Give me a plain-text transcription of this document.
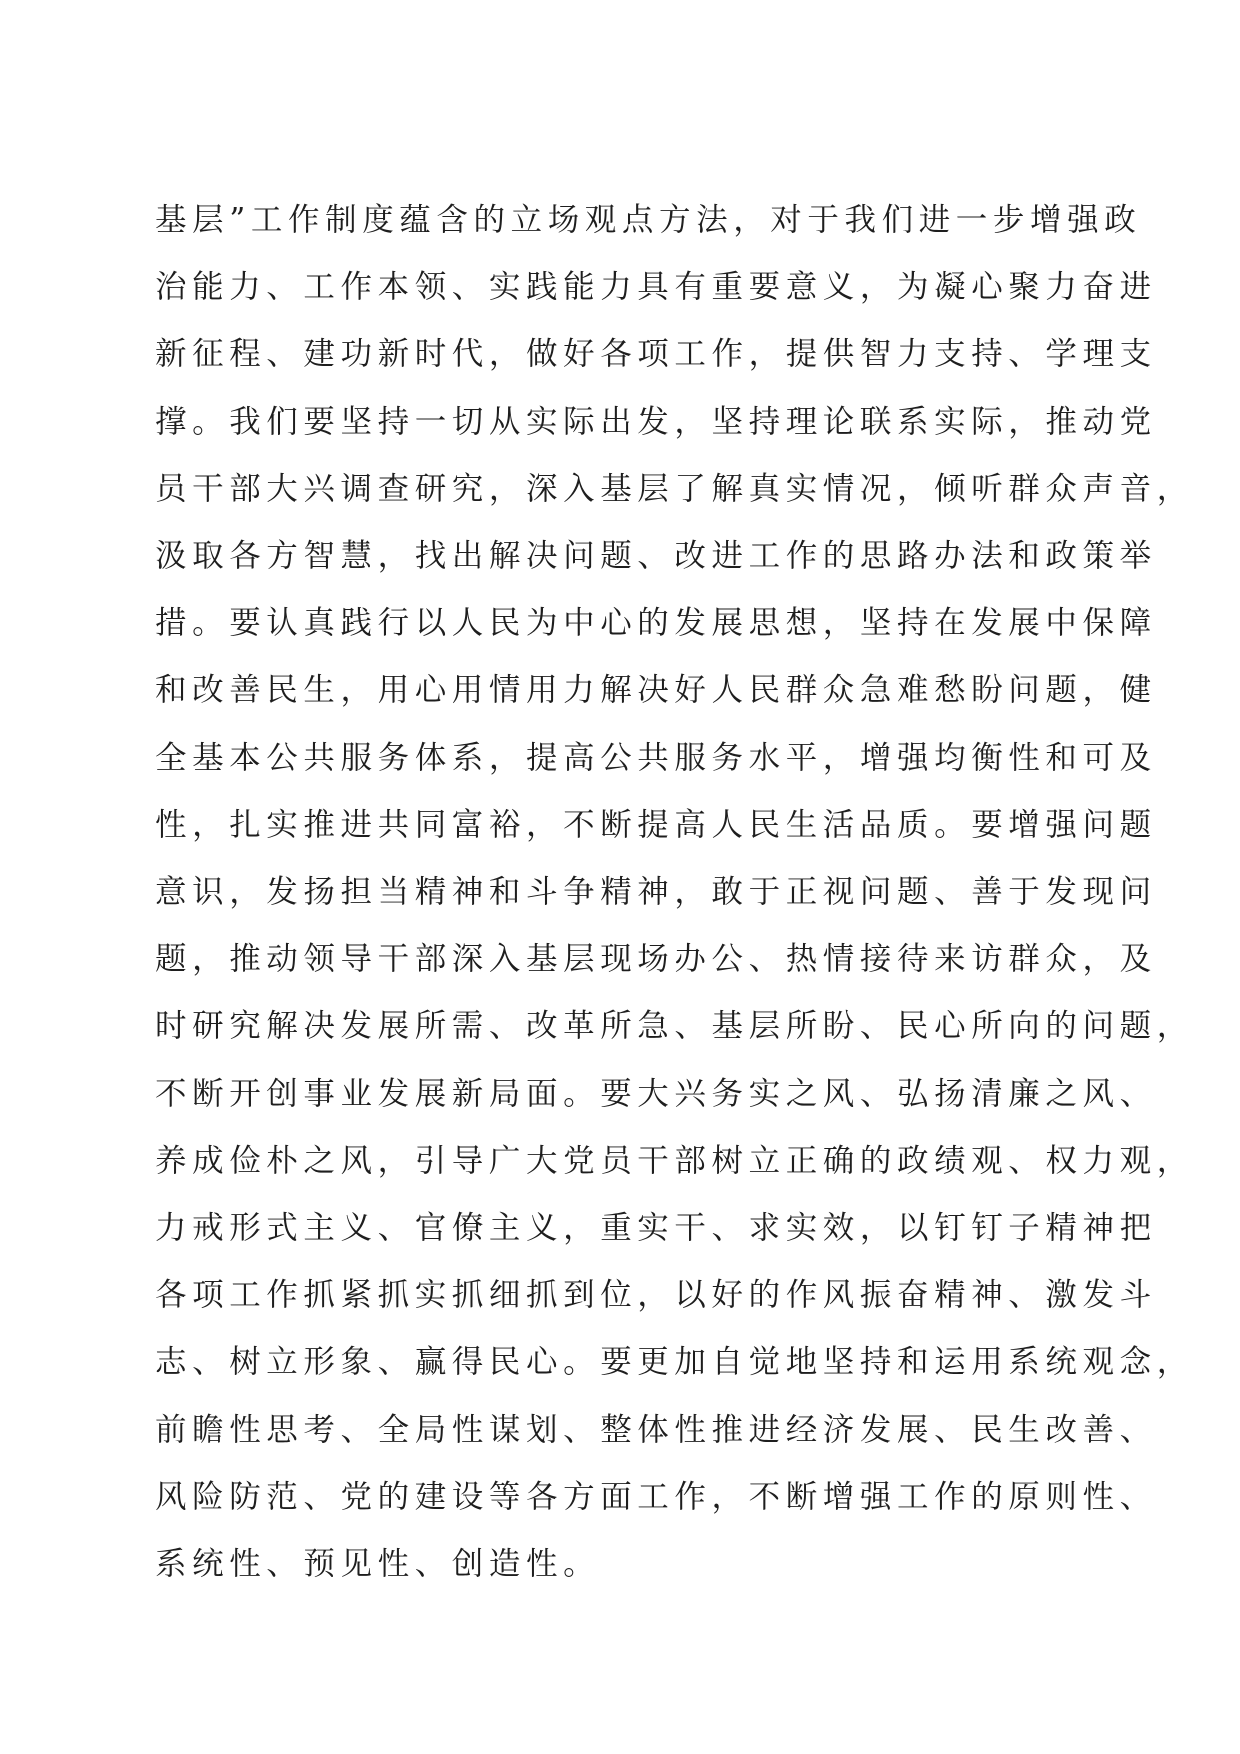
基层”工作制度蕴含的立场观点方法，对于我们进一步增强政
治能力、工作本领、实践能力具有重要意义，为凝心聚力奋进
新征程、建功新时代，做好各项工作，提供智力支持、学理支
撑。我们要坚持一切从实际出发，坚持理论联系实际，推动党
员干部大兴调查研究，深入基层了解真实情况，倾听群众声音，
汲取各方智慧，找出解决问题、改进工作的思路办法和政策举
措。要认真践行以人民为中心的发展思想，坚持在发展中保障
和改善民生，用心用情用力解决好人民群众急难愁盼问题，健
全基本公共服务体系，提高公共服务水平，增强均衡性和可及
性，扎实推进共同富裕，不断提高人民生活品质。要增强问题
意识，发扬担当精神和斗争精神，敢于正视问题、善于发现问
题，推动领导干部深入基层现场办公、热情接待来访群众，及
时研究解决发展所需、改革所急、基层所盼、民心所向的问题，
不断开创事业发展新局面。要大兴务实之风、弘扬清廉之风、
养成俭朴之风，引导广大党员干部树立正确的政绩观、权力观，
力戒形式主义、官僚主义，重实干、求实效，以钉钉子精神把
各项工作抓紧抓实抓细抓到位，以好的作风振奋精神、激发斗
志、树立形象、赢得民心。要更加自觉地坚持和运用系统观念，
前瞻性思考、全局性谋划、整体性推进经济发展、民生改善、
风险防范、党的建设等各方面工作，不断增强工作的原则性、
系统性、预见性、创造性。
